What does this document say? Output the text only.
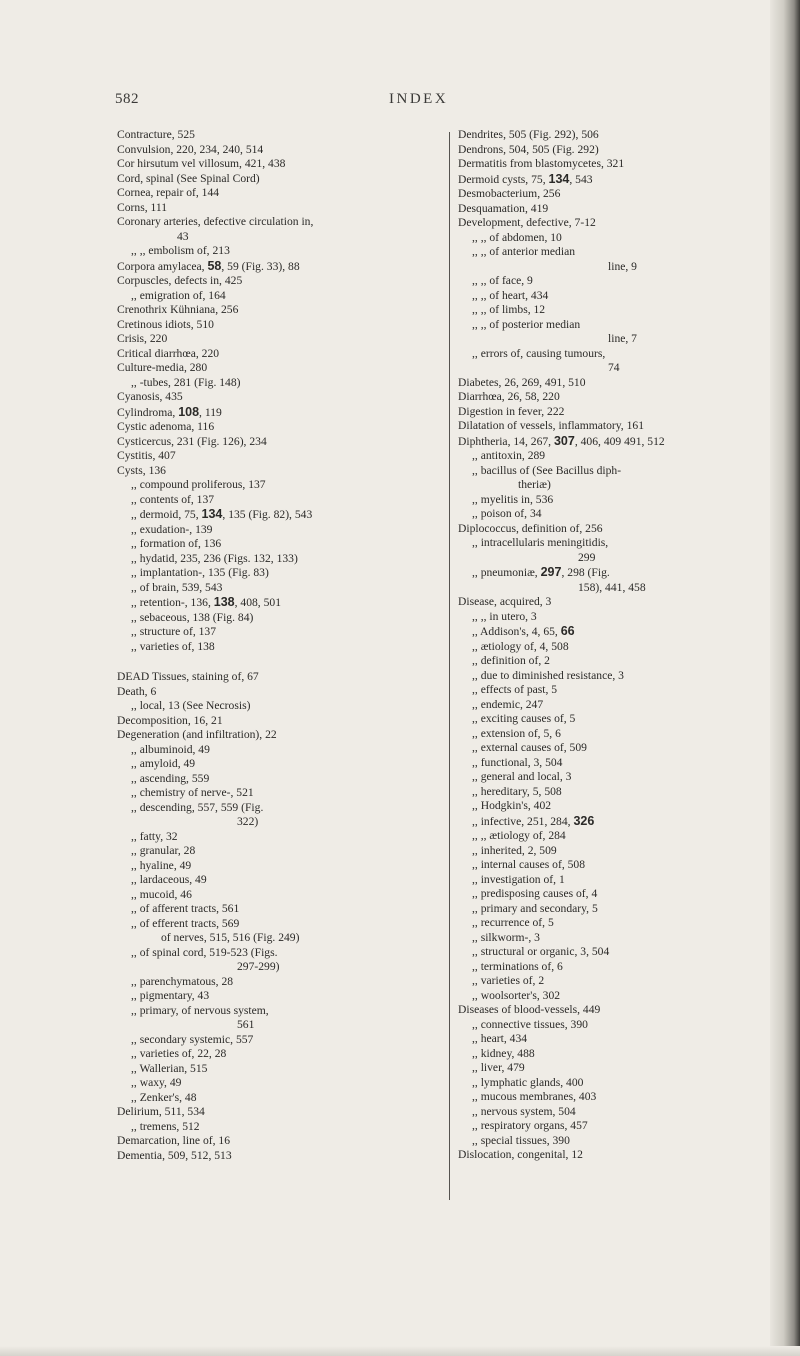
582	INDEX
Contracture, 525
Convulsion, 220, 234, 240, 514
Cor hirsutum vel villosum, 421, 438
Cord, spinal (See Spinal Cord)
Cornea, repair of, 144
Corns, 111
Coronary arteries, defective circulation in,
43
,, ,, embolism of, 213
Corpora amylacea, 58, 59 (Fig. 33), 88
Corpuscles, defects in, 425
,, emigration of, 164
Crenothrix Kühniana, 256
Cretinous idiots, 510
Crisis, 220
Critical diarrhœa, 220
Culture-media, 280
,, -tubes, 281 (Fig. 148)
Cyanosis, 435
Cylindroma, 108, 119
Cystic adenoma, 116
Cysticercus, 231 (Fig. 126), 234
Cystitis, 407
Cysts, 136
,, compound proliferous, 137
,, contents of, 137
,, dermoid, 75, 134, 135 (Fig. 82), 543
,, exudation-, 139
,, formation of, 136
,, hydatid, 235, 236 (Figs. 132, 133)
,, implantation-, 135 (Fig. 83)
,, of brain, 539, 543
,, retention-, 136, 138, 408, 501
,, sebaceous, 138 (Fig. 84)
,, structure of, 137
,, varieties of, 138
DEAD Tissues, staining of, 67
Death, 6
,, local, 13 (See Necrosis)
Decomposition, 16, 21
Degeneration (and infiltration), 22
,, albuminoid, 49
,, amyloid, 49
,, ascending, 559
,, chemistry of nerve-, 521
,, descending, 557, 559 (Fig.
322)
,, fatty, 32
,, granular, 28
,, hyaline, 49
,, lardaceous, 49
,, mucoid, 46
,, of afferent tracts, 561
,, of efferent tracts, 569
of nerves, 515, 516 (Fig. 249)
,, of spinal cord, 519-523 (Figs.
297-299)
,, parenchymatous, 28
,, pigmentary, 43
,, primary, of nervous system,
561
,, secondary systemic, 557
,, varieties of, 22, 28
,, Wallerian, 515
,, waxy, 49
,, Zenker's, 48
Delirium, 511, 534
,, tremens, 512
Demarcation, line of, 16
Dementia, 509, 512, 513
Dendrites, 505 (Fig. 292), 506
Dendrons, 504, 505 (Fig. 292)
Dermatitis from blastomycetes, 321
Dermoid cysts, 75, 134, 543
Desmobacterium, 256
Desquamation, 419
Development, defective, 7-12
,, ,, of abdomen, 10
,, ,, of anterior median
line, 9
,, ,, of face, 9
,, ,, of heart, 434
,, ,, of limbs, 12
,, ,, of posterior median
line, 7
,, errors of, causing tumours,
74
Diabetes, 26, 269, 491, 510
Diarrhœa, 26, 58, 220
Digestion in fever, 222
Dilatation of vessels, inflammatory, 161
Diphtheria, 14, 267, 307, 406, 409 491, 512
,, antitoxin, 289
,, bacillus of (See Bacillus diph-
theriæ)
,, myelitis in, 536
,, poison of, 34
Diplococcus, definition of, 256
,, intracellularis meningitidis,
299
,, pneumoniæ, 297, 298 (Fig.
158), 441, 458
Disease, acquired, 3
,, ,, in utero, 3
,, Addison's, 4, 65, 66
,, ætiology of, 4, 508
,, definition of, 2
,, due to diminished resistance, 3
,, effects of past, 5
,, endemic, 247
,, exciting causes of, 5
,, extension of, 5, 6
,, external causes of, 509
,, functional, 3, 504
,, general and local, 3
,, hereditary, 5, 508
,, Hodgkin's, 402
,, infective, 251, 284, 326
,, ,, ætiology of, 284
,, inherited, 2, 509
,, internal causes of, 508
,, investigation of, 1
,, predisposing causes of, 4
,, primary and secondary, 5
,, recurrence of, 5
,, silkworm-, 3
,, structural or organic, 3, 504
,, terminations of, 6
,, varieties of, 2
,, woolsorter's, 302
Diseases of blood-vessels, 449
,, connective tissues, 390
,, heart, 434
,, kidney, 488
,, liver, 479
,, lymphatic glands, 400
,, mucous membranes, 403
,, nervous system, 504
,, respiratory organs, 457
,, special tissues, 390
Dislocation, congenital, 12
